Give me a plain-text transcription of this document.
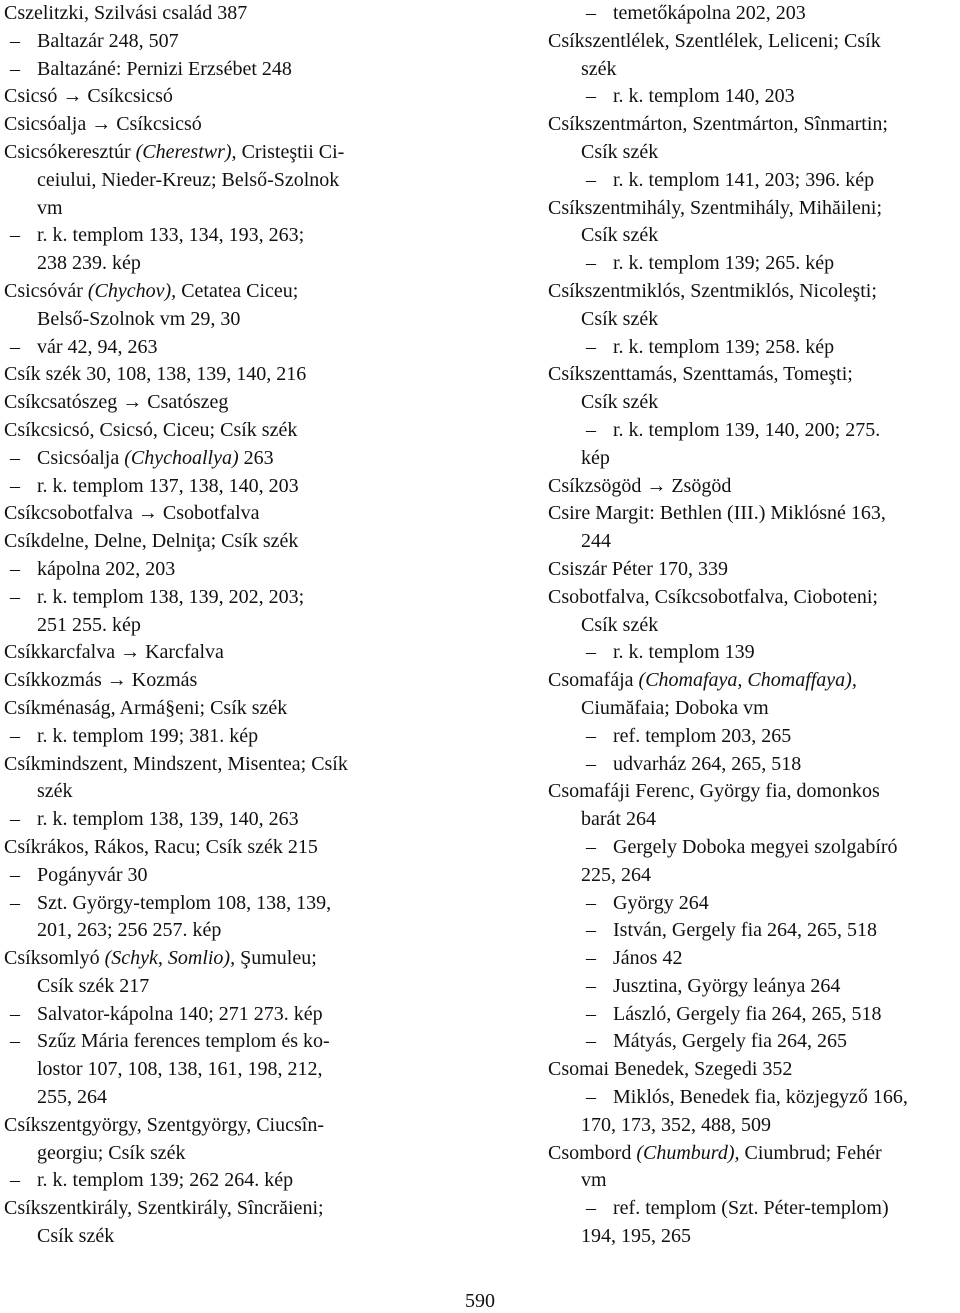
Cszelitzki, Szilvási család 387
–Baltazár 248, 507
–Baltazáné: Pernizi Erzsébet 248
Csicsó → Csíkcsicsó
Csicsóalja → Csíkcsicsó
Csicsókeresztúr (Cherestwr), Cristeştii Ci-
ceiului, Nieder-Kreuz; Belső-Szolnok
vm
–r. k. templom 133, 134, 193, 263;
238 239. kép
Csicsóvár (Chychov), Cetatea Ciceu;
Belső-Szolnok vm 29, 30
–vár 42, 94, 263
Csík szék 30, 108, 138, 139, 140, 216
Csíkcsatószeg → Csatószeg
Csíkcsicsó, Csicsó, Ciceu; Csík szék
–Csicsóalja (Chychoallya) 263
–r. k. templom 137, 138, 140, 203
Csíkcsobotfalva → Csobotfalva
Csíkdelne, Delne, Delniţa; Csík szék
–kápolna 202, 203
–r. k. templom 138, 139, 202, 203;
251 255. kép
Csíkkarcfalva → Karcfalva
Csíkkozmás → Kozmás
Csíkménaság, Armá§eni; Csík szék
–r. k. templom 199; 381. kép
Csíkmindszent, Mindszent, Misentea; Csík
szék
–r. k. templom 138, 139, 140, 263
Csíkrákos, Rákos, Racu; Csík szék 215
–Pogányvár 30
–Szt. György-templom 108, 138, 139,
201, 263; 256 257. kép
Csíksomlyó (Schyk, Somlio), Şumuleu;
Csík szék 217
–Salvator-kápolna 140; 271 273. kép
–Szűz Mária ferences templom és ko-
lostor 107, 108, 138, 161, 198, 212,
255, 264
Csíkszentgyörgy, Szentgyörgy, Ciucsîn-
georgiu; Csík szék
–r. k. templom 139; 262 264. kép
Csíkszentkirály, Szentkirály, Sîncrăieni;
Csík szék
–temetőkápolna 202, 203
Csíkszentlélek, Szentlélek, Leliceni; Csík
szék
–r. k. templom 140, 203
Csíkszentmárton, Szentmárton, Sînmartin;
Csík szék
–r. k. templom 141, 203; 396. kép
Csíkszentmihály, Szentmihály, Mihăileni;
Csík szék
–r. k. templom 139; 265. kép
Csíkszentmiklós, Szentmiklós, Nicoleşti;
Csík szék
–r. k. templom 139; 258. kép
Csíkszenttamás, Szenttamás, Tomeşti;
Csík szék
–r. k. templom 139, 140, 200; 275.
kép
Csíkzsögöd → Zsögöd
Csire Margit: Bethlen (III.) Miklósné 163,
244
Csiszár Péter 170, 339
Csobotfalva, Csíkcsobotfalva, Cioboteni;
Csík szék
–r. k. templom 139
Csomafája (Chomafaya, Chomaffaya),
Ciumăfaia; Doboka vm
–ref. templom 203, 265
–udvarház 264, 265, 518
Csomafáji Ferenc, György fia, domonkos
barát 264
–Gergely Doboka megyei szolgabíró
225, 264
–György 264
–István, Gergely fia 264, 265, 518
–János 42
–Jusztina, György leánya 264
–László, Gergely fia 264, 265, 518
–Mátyás, Gergely fia 264, 265
Csomai Benedek, Szegedi 352
–Miklós, Benedek fia, közjegyző 166,
170, 173, 352, 488, 509
Csombord (Chumburd), Ciumbrud; Fehér
vm
–ref. templom (Szt. Péter-templom)
194, 195, 265
590
